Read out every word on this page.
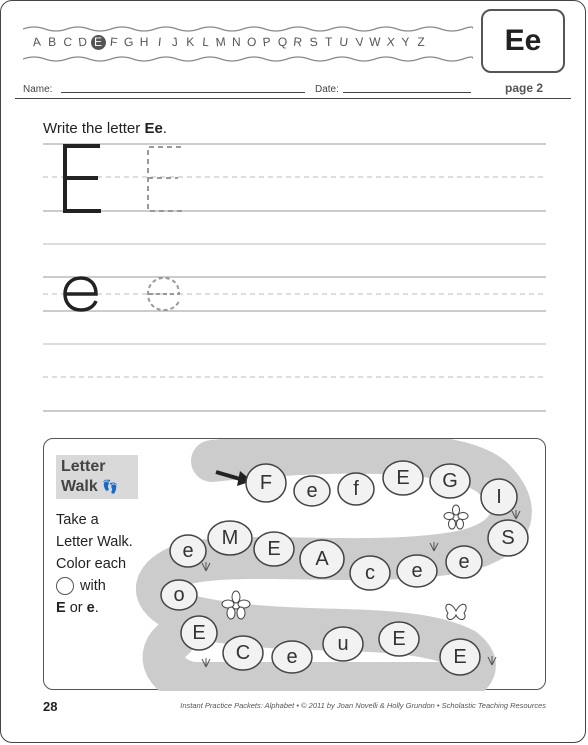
A B C D E F G H I J K L M N O P Q R S T U V W X Y Z	Ee
Name:	Date:	page 2
Write the letter Ee.
F e f E G
I
S
e
e
c
A
E
M
e
o
E
C e
u E
E
Letter
Walk 👣
Take a
Letter Walk.
Color each
with
E or e.
28	Instant Practice Packets: Alphabet • © 2011 by Joan Novelli & Holly Grundon • Scholastic Teaching Resources
